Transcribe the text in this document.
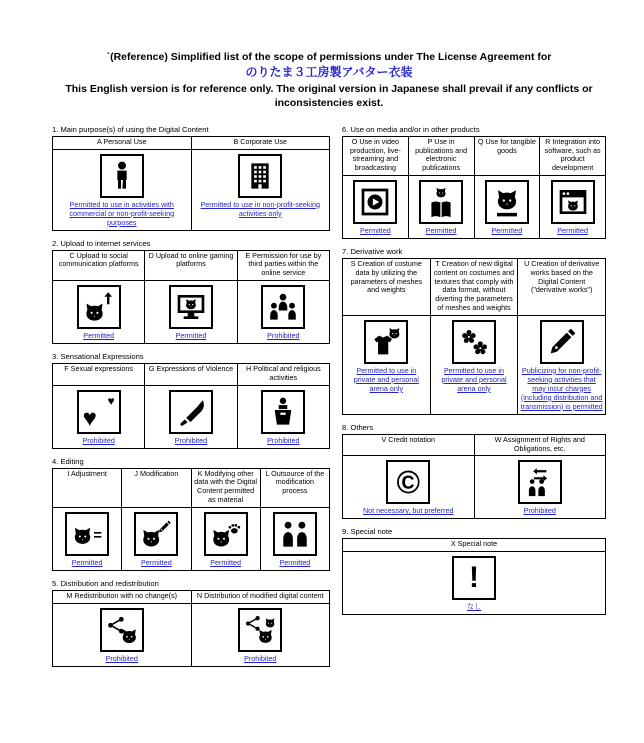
`(Reference) Simplified list of the scope of permissions under The License Agreement for
のりたま３工房製アバター衣装
This English version is for reference only. The original version in Japanese shall prevail if any conflicts or inconsistencies exist.
1. Main purpose(s) of using the Digital Content
A Personal Use	B Corporate Use

Permitted to use in activities with commercial or non-profit-seeking purposes	Permitted to use in non-profit-seeking activities only
2. Upload to internet services
C Upload to social communication platforms	D Upload to online gaming platforms	E Permission for use by third parties within the online service

Permitted	Permitted	Prohibited
3. Sensational Expressions
F Sexual expressions	G Expressions of Violence	H Political and religious activities

♥
♥
Prohibited	Prohibited	Prohibited
4. Editing
I Adjustment	J Modification	K Modifying other data with the Digital Content permitted as material	L Outsource of the modification process

=
Permitted	Permitted	Permitted	Permitted
5. Distribution and redistribution
M Redistribution with no change(s)	N Distribution of modified digital content

Prohibited	Prohibited
6. Use on media and/or in other products
O Use in video production, live-streaming and broadcasting	P Use in publications and electronic publications	Q Use for tangible goods	R Integration into software, such as product development

Permitted	Permitted	Permitted	Permitted
7. Derivative work
S Creation of costume data by utilizing the parameters of meshes and weights	T Creation of new digital content on costumes and textures that comply with data format, without diverting the parameters of meshes and weights	U Creation of derivative works based on the Digital Content ("derivative works")

Permitted to use in private and personal arena only	Permitted to use in private and personal arena only	Publicizing for non-profit-seeking activities that may incur charges (including distribution and transmission) is permitted
8. Others
V Credit notation	W Assignment of Rights and Obligations, etc.

©
Not necessary, but preferred	Prohibited
9. Special note
X Special note

!
なし
